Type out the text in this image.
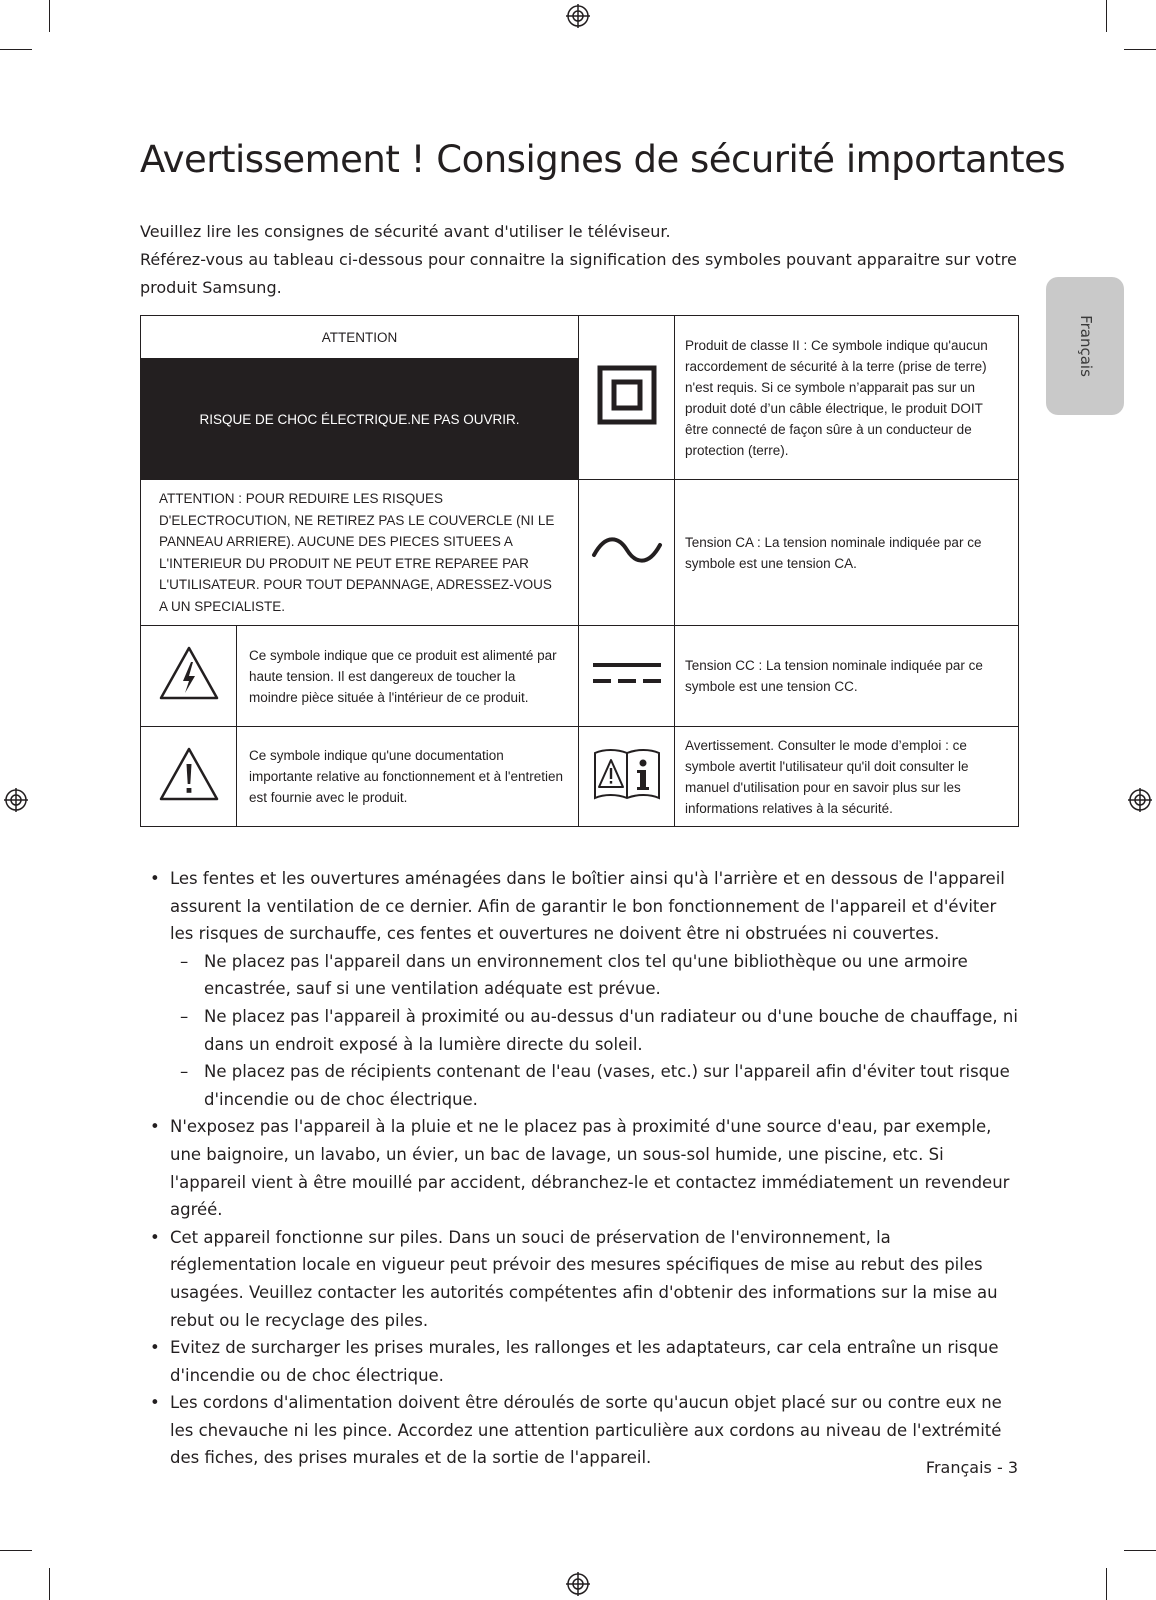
Avertissement ! Consignes de sécurité importantes

Veuillez lire les consignes de sécurité avant d'utiliser le téléviseur.

Référez-vous au tableau ci-dessous pour connaitre la signification des symboles pouvant apparaitre sur votre produit Samsung.

Français
ATTENTION			Produit de classe II : Ce symbole indique qu'aucun raccordement de sécurité à la terre (prise de terre) n'est requis. Si ce symbole n’apparait pas sur un produit doté d’un câble électrique, le produit DOIT être connecté de façon sûre à un conducteur de protection (terre).
RISQUE DE CHOC ÉLECTRIQUE.NE PAS OUVRIR.			
ATTENTION : POUR REDUIRE LES RISQUES D'ELECTROCUTION, NE RETIREZ PAS LE COUVERCLE (NI LE PANNEAU ARRIERE). AUCUNE DES PIECES SITUEES A L'INTERIEUR DU PRODUIT NE PEUT ETRE REPAREE PAR L'UTILISATEUR. POUR TOUT DEPANNAGE, ADRESSEZ-VOUS A UN SPECIALISTE.			Tension CA : La tension nominale indiquée par ce symbole est une tension CA.
	Ce symbole indique que ce produit est alimenté par haute tension. Il est dangereux de toucher la moindre pièce située à l'intérieur de ce produit.		Tension CC : La tension nominale indiquée par ce symbole est une tension CC.
	Ce symbole indique qu'une documentation importante relative au fonctionnement et à l'entretien est fournie avec le produit.		Avertissement. Consulter le mode d’emploi : ce symbole avertit l'utilisateur qu'il doit consulter le manuel d'utilisation pour en savoir plus sur les informations relatives à la sécurité.
• Les fentes et les ouvertures aménagées dans le boîtier ainsi qu'à l'arrière et en dessous de l'appareil assurent la ventilation de ce dernier. Afin de garantir le bon fonctionnement de l'appareil et d'éviter les risques de surchauffe, ces fentes et ouvertures ne doivent être ni obstruées ni couvertes.
– Ne placez pas l'appareil dans un environnement clos tel qu'une bibliothèque ou une armoire encastrée, sauf si une ventilation adéquate est prévue.
– Ne placez pas l'appareil à proximité ou au-dessus d'un radiateur ou d'une bouche de chauffage, ni dans un endroit exposé à la lumière directe du soleil.
– Ne placez pas de récipients contenant de l'eau (vases, etc.) sur l'appareil afin d'éviter tout risque d'incendie ou de choc électrique.
• N'exposez pas l'appareil à la pluie et ne le placez pas à proximité d'une source d'eau, par exemple, une baignoire, un lavabo, un évier, un bac de lavage, un sous-sol humide, une piscine, etc. Si l'appareil vient à être mouillé par accident, débranchez-le et contactez immédiatement un revendeur agréé.
• Cet appareil fonctionne sur piles. Dans un souci de préservation de l'environnement, la réglementation locale en vigueur peut prévoir des mesures spécifiques de mise au rebut des piles usagées. Veuillez contacter les autorités compétentes afin d'obtenir des informations sur la mise au rebut ou le recyclage des piles.
• Evitez de surcharger les prises murales, les rallonges et les adaptateurs, car cela entraîne un risque d'incendie ou de choc électrique.
• Les cordons d'alimentation doivent être déroulés de sorte qu'aucun objet placé sur ou contre eux ne les chevauche ni les pince. Accordez une attention particulière aux cordons au niveau de l'extrémité des fiches, des prises murales et de la sortie de l'appareil.
Français - 3
